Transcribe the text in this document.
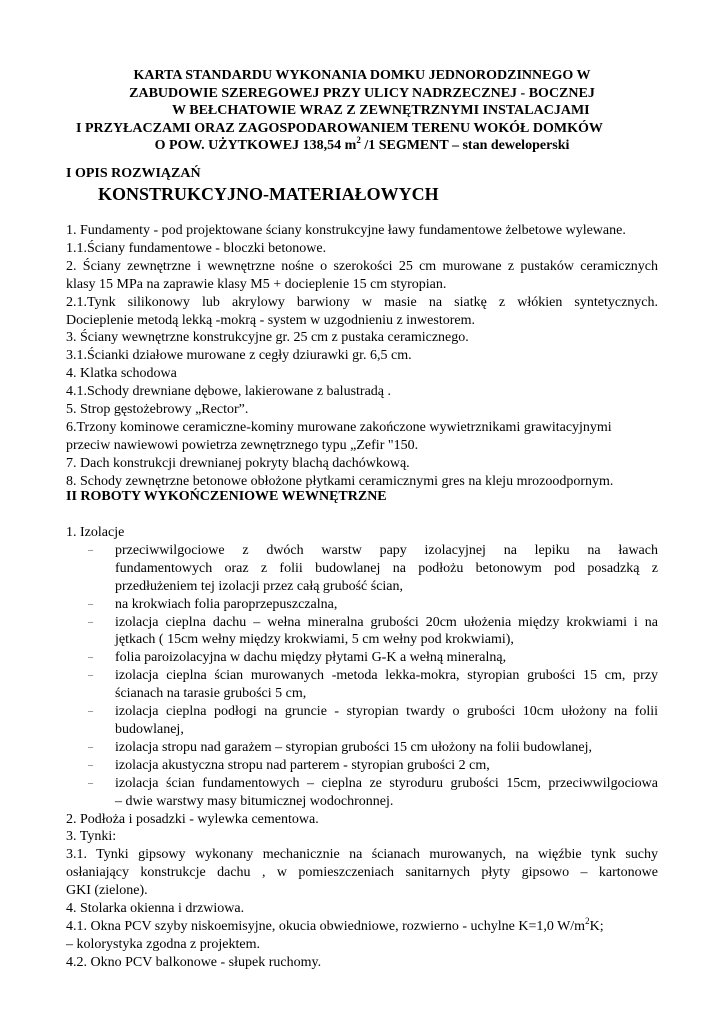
KARTA STANDARDU WYKONANIA DOMKU JEDNORODZINNEGO W
ZABUDOWIE SZEREGOWEJ PRZY ULICY NADRZECZNEJ - BOCZNEJ
W BEŁCHATOWIE WRAZ Z ZEWNĘTRZNYMI INSTALACJAMI
I PRZYŁACZAMI ORAZ ZAGOSPODAROWANIEM TERENU WOKÓŁ DOMKÓW
O POW. UŻYTKOWEJ 138,54 $m^2$ /1 SEGMENT – stan deweloperski
I OPIS ROZWIĄZAŃ
KONSTRUKCYJNO-MATERIAŁOWYCH

1. Fundamenty - pod projektowane ściany konstrukcyjne ławy fundamentowe żelbetowe wylewane.

1.1.Ściany fundamentowe - bloczki betonowe.

2. Ściany zewnętrzne i wewnętrzne nośne o szerokości 25 cm murowane z pustaków ceramicznych

klasy 15 MPa na zaprawie klasy M5 + docieplenie 15 cm styropian.

2.1.Tynk silikonowy lub akrylowy barwiony w masie na siatkę z włókien syntetycznych.

Docieplenie metodą lekką -mokrą - system w uzgodnieniu z inwestorem.

3. Ściany wewnętrzne konstrukcyjne gr. 25 cm z pustaka ceramicznego.

3.1.Ścianki działowe murowane z cegły dziurawki gr. 6,5 cm.

4. Klatka schodowa

4.1.Schody drewniane dębowe, lakierowane z balustradą .

5. Strop gęstożebrowy „Rector”.

6.Trzony kominowe ceramiczne-kominy murowane zakończone wywietrznikami grawitacyjnymi

przeciw nawiewowi powietrza zewnętrznego typu „Zefir "150.

7. Dach konstrukcji drewnianej pokryty blachą dachówkową.

8. Schody zewnętrzne betonowe obłożone płytkami ceramicznymi gres na kleju mrozoodpornym.

II ROBOTY WYKOŃCZENIOWE WEWNĘTRZNE

1. Izolacje

– przeciwwilgociowe z dwóch warstw papy izolacyjnej na lepiku na ławach
fundamentowych oraz z folii budowlanej na podłożu betonowym pod posadzką z
przedłużeniem tej izolacji przez całą grubość ścian,
– na krokwiach folia paroprzepuszczalna,
– izolacja cieplna dachu – wełna mineralna grubości 20cm ułożenia między krokwiami i na
jętkach ( 15cm wełny między krokwiami, 5 cm wełny pod krokwiami),
– folia paroizolacyjna w dachu między płytami G-K a wełną mineralną,
– izolacja cieplna ścian murowanych -metoda lekka-mokra, styropian grubości 15 cm, przy
ścianach na tarasie grubości 5 cm,
– izolacja cieplna podłogi na gruncie - styropian twardy o grubości 10cm ułożony na folii
budowlanej,
– izolacja stropu nad garażem – styropian grubości 15 cm ułożony na folii budowlanej,
– izolacja akustyczna stropu nad parterem - styropian grubości 2 cm,
– izolacja ścian fundamentowych – cieplna ze styroduru grubości 15cm, przeciwwilgociowa
– dwie warstwy masy bitumicznej wodochronnej.

2. Podłoża i posadzki - wylewka cementowa.

3. Tynki:

3.1. Tynki gipsowy wykonany mechanicznie na ścianach murowanych, na więźbie tynk suchy

osłaniający konstrukcje dachu , w pomieszczeniach sanitarnych płyty gipsowo – kartonowe

GKI (zielone).

4. Stolarka okienna i drzwiowa.

4.1. Okna PCV szyby niskoemisyjne, okucia obwiedniowe, rozwierno - uchylne K=1,0 $W/m^2K$;

– kolorystyka zgodna z projektem.

4.2. Okno PCV balkonowe - słupek ruchomy.
